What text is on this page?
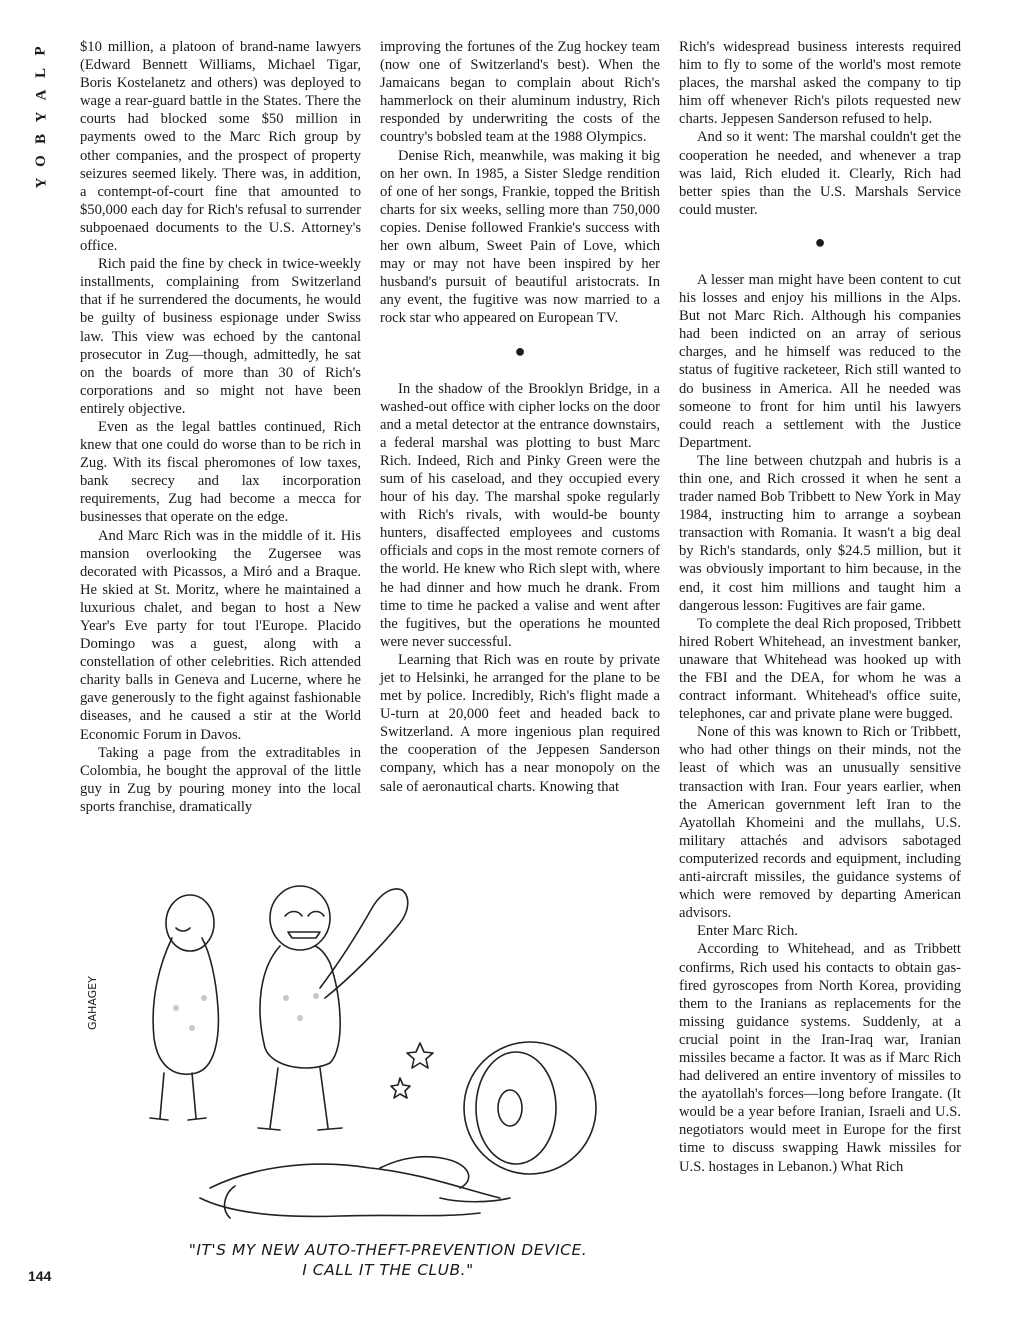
P
L
A
Y
B
O
Y

$10 million, a platoon of brand-name lawyers (Edward Bennett Williams, Michael Tigar, Boris Kostelanetz and others) was deployed to wage a rear-guard battle in the States. There the courts had blocked some $50 million in payments owed to the Marc Rich group by other companies, and the prospect of property seizures seemed likely. There was, in addition, a contempt-of-court fine that amounted to $50,000 each day for Rich's refusal to surrender subpoenaed documents to the U.S. Attorney's office.

Rich paid the fine by check in twice-weekly installments, complaining from Switzerland that if he surrendered the documents, he would be guilty of business espionage under Swiss law. This view was echoed by the cantonal prosecutor in Zug—though, admittedly, he sat on the boards of more than 30 of Rich's corporations and so might not have been entirely objective.

Even as the legal battles continued, Rich knew that one could do worse than to be rich in Zug. With its fiscal pheromones of low taxes, bank secrecy and lax incorporation requirements, Zug had become a mecca for businesses that operate on the edge.

And Marc Rich was in the middle of it. His mansion overlooking the Zugersee was decorated with Picassos, a Miró and a Braque. He skied at St. Moritz, where he maintained a luxurious chalet, and began to host a New Year's Eve party for tout l'Europe. Placido Domingo was a guest, along with a constellation of other celebrities. Rich attended charity balls in Geneva and Lucerne, where he gave generously to the fight against fashionable diseases, and he caused a stir at the World Economic Forum in Davos.

Taking a page from the extraditables in Colombia, he bought the approval of the little guy in Zug by pouring money into the local sports franchise, dramatically

improving the fortunes of the Zug hockey team (now one of Switzerland's best). When the Jamaicans began to complain about Rich's hammerlock on their aluminum industry, Rich responded by underwriting the costs of the country's bobsled team at the 1988 Olympics.

Denise Rich, meanwhile, was making it big on her own. In 1985, a Sister Sledge rendition of one of her songs, Frankie, topped the British charts for six weeks, selling more than 750,000 copies. Denise followed Frankie's success with her own album, Sweet Pain of Love, which may or may not have been inspired by her husband's pursuit of beautiful aristocrats. In any event, the fugitive was now married to a rock star who appeared on European TV.

●

In the shadow of the Brooklyn Bridge, in a washed-out office with cipher locks on the door and a metal detector at the entrance downstairs, a federal marshal was plotting to bust Marc Rich. Indeed, Rich and Pinky Green were the sum of his caseload, and they occupied every hour of his day. The marshal spoke regularly with Rich's rivals, with would-be bounty hunters, disaffected employees and customs officials and cops in the most remote corners of the world. He knew who Rich slept with, where he had dinner and how much he drank. From time to time he packed a valise and went after the fugitives, but the operations he mounted were never successful.

Learning that Rich was en route by private jet to Helsinki, he arranged for the plane to be met by police. Incredibly, Rich's flight made a U-turn at 20,000 feet and headed back to Switzerland. A more ingenious plan required the cooperation of the Jeppesen Sanderson company, which has a near monopoly on the sale of aeronautical charts. Knowing that

Rich's widespread business interests required him to fly to some of the world's most remote places, the marshal asked the company to tip him off whenever Rich's pilots requested new charts. Jeppesen Sanderson refused to help.

And so it went: The marshal couldn't get the cooperation he needed, and whenever a trap was laid, Rich eluded it. Clearly, Rich had better spies than the U.S. Marshals Service could muster.

●

A lesser man might have been content to cut his losses and enjoy his millions in the Alps. But not Marc Rich. Although his companies had been indicted on an array of serious charges, and he himself was reduced to the status of fugitive racketeer, Rich still wanted to do business in America. All he needed was someone to front for him until his lawyers could reach a settlement with the Justice Department.

The line between chutzpah and hubris is a thin one, and Rich crossed it when he sent a trader named Bob Tribbett to New York in May 1984, instructing him to arrange a soybean transaction with Romania. It wasn't a big deal by Rich's standards, only $24.5 million, but it was obviously important to him because, in the end, it cost him millions and taught him a dangerous lesson: Fugitives are fair game.

To complete the deal Rich proposed, Tribbett hired Robert Whitehead, an investment banker, unaware that Whitehead was hooked up with the FBI and the DEA, for whom he was a contract informant. Whitehead's office suite, telephones, car and private plane were bugged.

None of this was known to Rich or Tribbett, who had other things on their minds, not the least of which was an unusually sensitive transaction with Iran. Four years earlier, when the American government left Iran to the Ayatollah Khomeini and the mullahs, U.S. military attachés and advisors sabotaged computerized records and equipment, including anti-aircraft missiles, the guidance systems of which were removed by departing American advisors.

Enter Marc Rich.

According to Whitehead, and as Tribbett confirms, Rich used his contacts to obtain gas-fired gyroscopes from North Korea, providing them to the Iranians as replacements for the missing guidance systems. Suddenly, at a crucial point in the Iran-Iraq war, Iranian missiles became a factor. It was as if Marc Rich had delivered an entire inventory of missiles to the ayatollah's forces—long before Irangate. (It would be a year before Iranian, Israeli and U.S. negotiators would meet in Europe for the first time to discuss swapping Hawk missiles for U.S. hostages in Lebanon.) What Rich

GAHAGEY
"IT'S MY NEW AUTO-THEFT-PREVENTION DEVICE.
I CALL IT THE CLUB."
144
